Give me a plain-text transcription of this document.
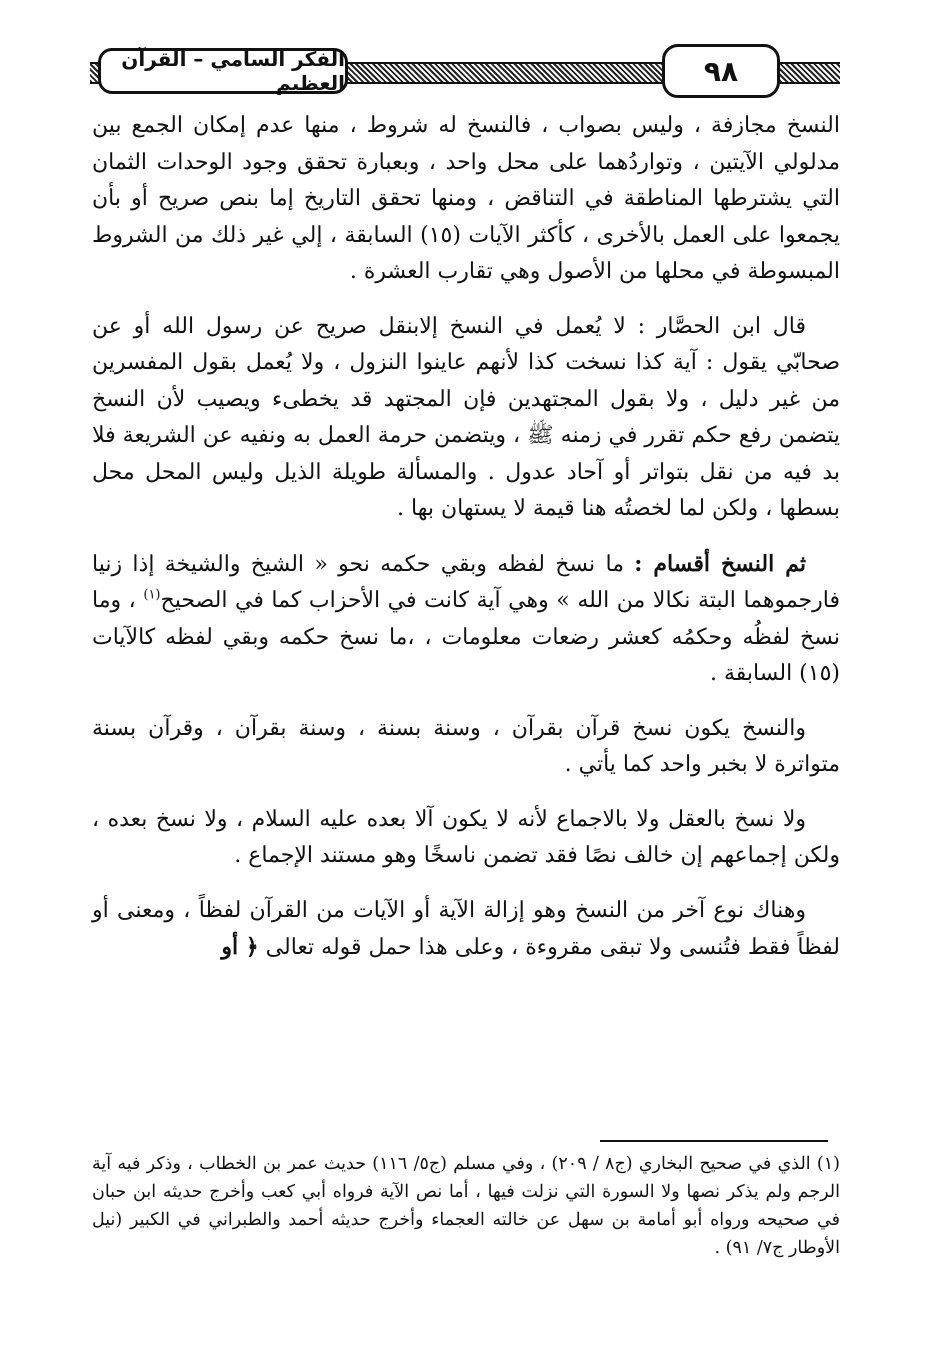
الفكر السامي – القرآن العظيم	٩٨

النسخ مجازفة ، وليس بصواب ، فالنسخ له شروط ، منها عدم إمكان الجمع بين مدلولي الآيتين ، وتواردُهما على محل واحد ، وبعبارة تحقق وجود الوحدات الثمان التي يشترطها المناطقة في التناقض ، ومنها تحقق التاريخ إما بنص صريح أو بأن يجمعوا على العمل بالأخرى ، كأكثر الآيات (١٥) السابقة ، إلي غير ذلك من الشروط المبسوطة في محلها من الأصول وهي تقارب العشرة .

قال ابن الحصَّار : لا يُعمل في النسخ إلابنقل صريح عن رسول الله أو عن صحابّي يقول : آية كذا نسخت كذا لأنهم عاينوا النزول ، ولا يُعمل بقول المفسرين من غير دليل ، ولا بقول المجتهدين فإن المجتهد قد يخطىء ويصيب لأن النسخ يتضمن رفع حكم تقرر في زمنه ﷺ ، ويتضمن حرمة العمل به ونفيه عن الشريعة فلا بد فيه من نقل بتواتر أو آحاد عدول . والمسألة طويلة الذيل وليس المحل محل بسطها ، ولكن لما لخصتُه هنا قيمة لا يستهان بها .

ثم النسخ أقسام : ما نسخ لفظه وبقي حكمه نحو « الشيخ والشيخة إذا زنيا فارجموهما البتة نكالا من الله » وهي آية كانت في الأحزاب كما في الصحيح$^{(١)}$ ، وما نسخ لفظُه وحكمُه كعشر رضعات معلومات ، ،ما نسخ حكمه وبقي لفظه كالآيات (١٥) السابقة .

والنسخ يكون نسخ قرآن بقرآن ، وسنة بسنة ، وسنة بقرآن ، وقرآن بسنة متواترة لا بخبر واحد كما يأتي .

ولا نسخ بالعقل ولا بالاجماع لأنه لا يكون آلا بعده عليه السلام ، ولا نسخ بعده ، ولكن إجماعهم إن خالف نصًا فقد تضمن ناسخًا وهو مستند الإجماع .

وهناك نوع آخر من النسخ وهو إزالة الآية أو الآيات من القرآن لفظاً ، ومعنى أو لفظاً فقط فتُنسى ولا تبقى مقروءة ، وعلى هذا حمل قوله تعالى ﴿ أو

(١) الذي في صحيح البخاري (ج٨ / ٢٠٩) ، وفي مسلم (ج٥/ ١١٦) حديث عمر بن الخطاب ، وذكر فيه آية الرجم ولم يذكر نصها ولا السورة التي نزلت فيها ، أما نص الآية فرواه أبي كعب وأخرج حديثه ابن حبان في صحيحه ورواه أبو أمامة بن سهل عن خالته العجماء وأخرج حديثه أحمد والطبراني في الكبير (نيل الأوطار ج٧/ ٩١) .
